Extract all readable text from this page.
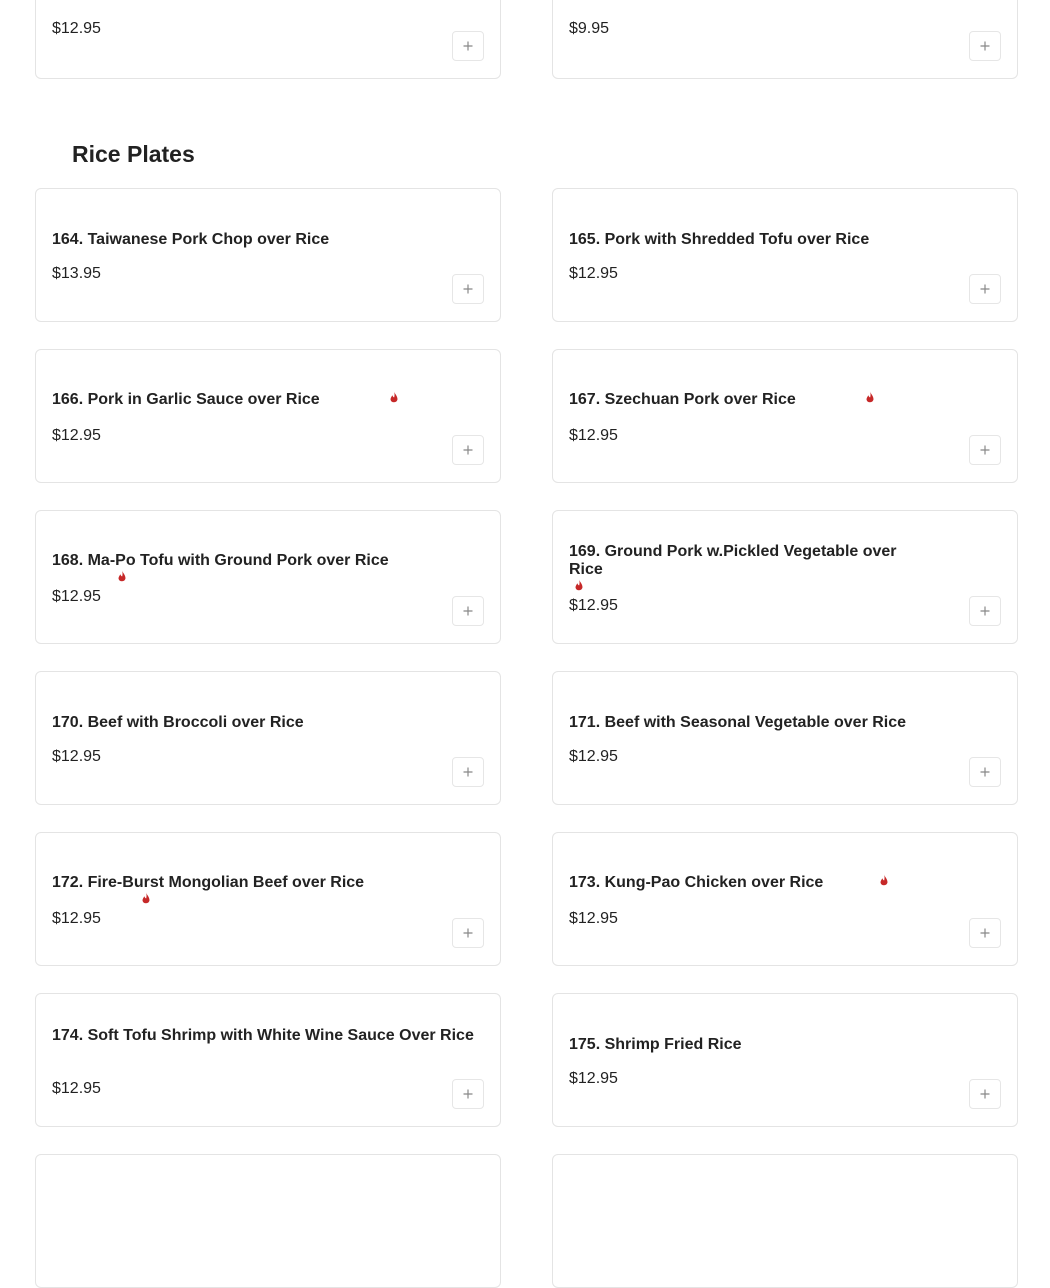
$12.95	$9.95
Rice Plates
164. Taiwanese Pork Chop over Rice
$13.95
165. Pork with Shredded Tofu over Rice
$12.95
166. Pork in Garlic Sauce over Rice
$12.95
167. Szechuan Pork over Rice
$12.95
168. Ma-Po Tofu with Ground Pork over Rice
$12.95
169. Ground Pork w.Pickled Vegetable over Rice

$12.95
170. Beef with Broccoli over Rice
$12.95
171. Beef with Seasonal Vegetable over Rice
$12.95
172. Fire-Burst Mongolian Beef over Rice
$12.95
173. Kung-Pao Chicken over Rice
$12.95
174. Soft Tofu Shrimp with White Wine Sauce Over Rice
$12.95
175. Shrimp Fried Rice
$12.95
